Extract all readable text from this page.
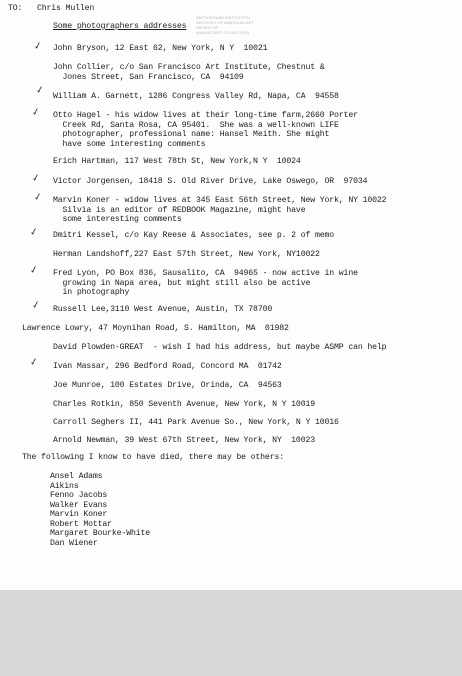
TO: Chris Mullen
Some photographers addresses
SMITHSONIAN INSTITUTION
ARCHIVES OF AMERICAN ART
PAPERS OF
MANUSCRIPT COLLECTION
John Bryson, 12 East 62, New York, N Y  10021
✓
John Collier, c/o San Francisco Art Institute, Chestnut &
Jones Street, San Francisco, CA  94109
William A. Garnett, 1286 Congress Valley Rd, Napa, CA  94558
✓
Otto Hagel - his widow lives at their long-time farm,2660 Porter
Creek Rd, Santa Rosa, CA 95401.  She was a well-known LIFE
photographer, professional name: Hansel Meith. She might
have some interesting comments
✓
Erich Hartman, 117 West 78th St, New York,N Y  10024
Victor Jorgensen, 18418 S. Old River Drive, Lake Oswego, OR  97034
✓
Marvin Koner - widow lives at 345 East 56th Street, New York, NY 10022
Silvia is an editor of REDBOOK Magazine, might have
some interesting comments
✓
Dmitri Kessel, c/o Kay Reese & Associates, see p. 2 of memo
✓
Herman Landshoff,227 East 57th Street, New York, NY10022
Fred Lyon, PO Box 836, Sausalito, CA  94965 - now active in wine
growing in Napa area, but might still also be active
in photography
✓
Russell Lee,3110 West Avenue, Austin, TX 78700
✓
Lawrence Lowry, 47 Moynihan Road, S. Hamilton, MA  01982
David Plowden-GREAT  - wish I had his address, but maybe ASMP can help
Ivan Massar, 296 Bedford Road, Concord MA  01742
✓
Joe Munroe, 100 Estates Drive, Orinda, CA  94563
Charles Rotkin, 850 Seventh Avenue, New York, N Y 10019
Carroll Seghers II, 441 Park Avenue So., New York, N Y 10016
Arnold Newman, 39 West 67th Street, New York, NY  10023
The following I know to have died, there may be others:
Ansel Adams
Aikins
Fenno Jacobs
Walker Evans
Marvin Koner
Robert Mottar
Margaret Bourke-White
Dan Wiener
